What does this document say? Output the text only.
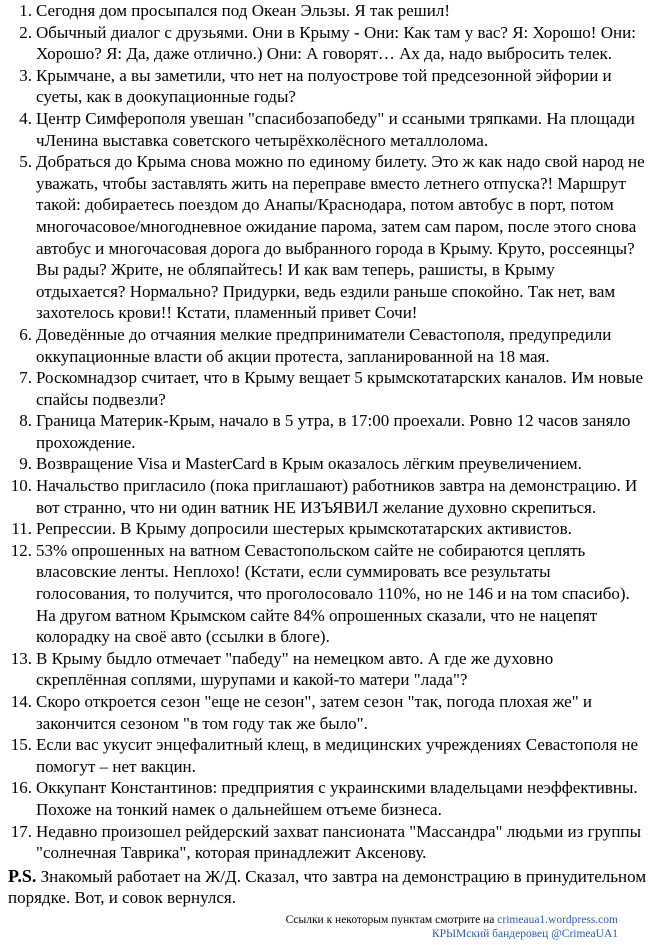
1. Сегодня дом просыпался под Океан Эльзы. Я так решил!
2. Обычный диалог с друзьями. Они в Крыму - Они: Как там у вас? Я: Хорошо! Они: Хорошо? Я: Да, даже отлично.) Они: А говорят… Ах да, надо выбросить телек.
3. Крымчане, а вы заметили, что нет на полуострове той предсезонной эйфории и суеты, как в доокупационные годы?
4. Центр Симферополя увешан "спасибозапобеду" и ссаными тряпками. На площади чЛенина выставка советского четырёхколёсного металлолома.
5. Добраться до Крыма снова можно по единому билету. Это ж как надо свой народ не уважать, чтобы заставлять жить на переправе вместо летнего отпуска?! Маршрут такой: добираетесь поездом до Анапы/Краснодара, потом автобус в порт, потом многочасовое/многодневное ожидание парома, затем сам паром, после этого снова автобус и многочасовая дорога до выбранного города в Крыму. Круто, россеянцы? Вы рады? Жрите, не обляпайтесь! И как вам теперь, рашисты, в Крыму отдыхается? Нормально? Придурки, ведь ездили раньше спокойно. Так нет, вам захотелось крови!! Кстати, пламенный привет Сочи!
6. Доведённые до отчаяния мелкие предприниматели Севастополя, предупредили оккупационные власти об акции протеста, запланированной на 18 мая.
7. Роскомнадзор считает, что в Крыму вещает 5 крымскотатарских каналов. Им новые спайсы подвезли?
8. Граница Материк-Крым, начало в 5 утра, в 17:00 проехали. Ровно 12 часов заняло прохождение.
9. Возвращение Visa и MasterCard в Крым оказалось лёгким преувеличением.
10. Начальство пригласило (пока приглашают) работников завтра на демонстрацию. И вот странно, что ни один ватник НЕ ИЗЪЯВИЛ желание духовно скрепиться.
11. Репрессии. В Крыму допросили шестерых крымскотатарских активистов.
12. 53% опрошенных на ватном Севастопольском сайте не собираются цеплять власовские ленты. Неплохо! (Кстати, если суммировать все результаты голосования, то получится, что проголосовало 110%, но не 146 и на том спасибо). На другом ватном Крымском сайте 84% опрошенных сказали, что не нацепят колорадку на своё авто (ссылки в блоге).
13. В Крыму быдло отмечает "пабеду" на немецком авто. А где же духовно скреплённая соплями, шурупами и какой-то матери "лада"?
14. Скоро откроется сезон "еще не сезон", затем сезон "так, погода плохая же" и закончится сезоном "в том году так же было".
15. Если вас укусит энцефалитный клещ, в медицинских учреждениях Севастополя не помогут – нет вакцин.
16. Оккупант Константинов: предприятия с украинскими владельцами неэффективны. Похоже на тонкий намек о дальнейшем отъеме бизнеса.
17. Недавно произошел рейдерский захват пансионата "Массандра" людьми из группы "солнечная Таврика", которая принадлежит Аксенову.

P.S. Знакомый работает на Ж/Д. Сказал, что завтра на демонстрацию в принудительном порядке. Вот, и совок вернулся.

Ссылки к некоторым пунктам смотрите на crimeaua1.wordpress.com
КРЫМский бандеровец @CrimeaUA1
